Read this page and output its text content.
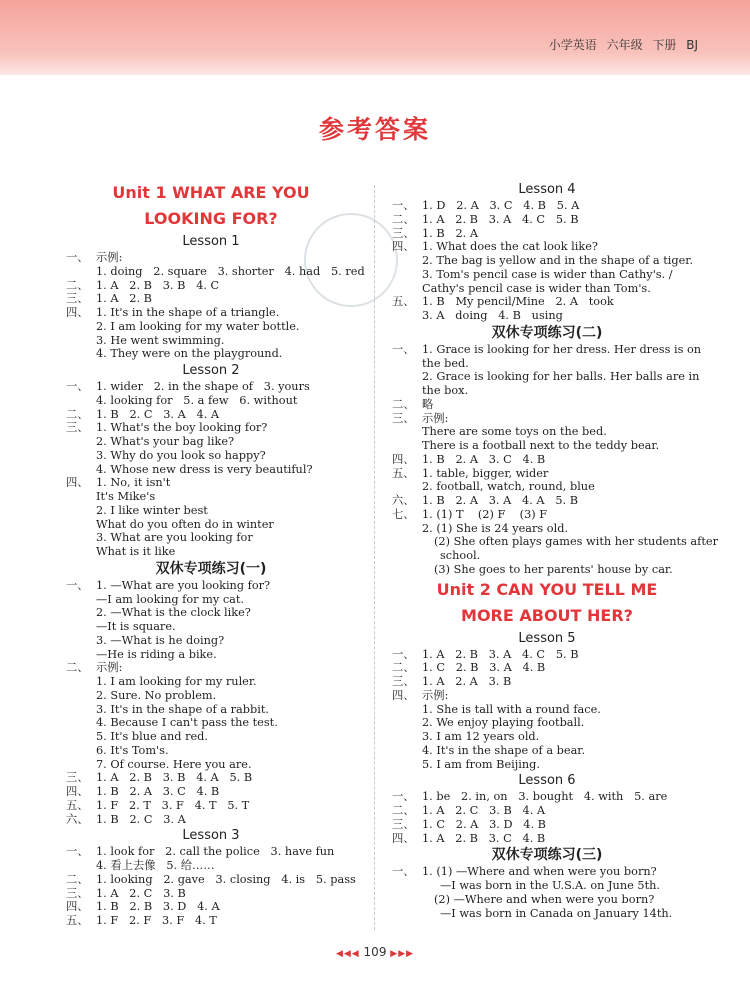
小学英语 六年级 下册 BJ
参考答案
Unit 1 WHAT ARE YOU
LOOKING FOR?
Lesson 1
一、 示例:
1. doing   2. square   3. shorter   4. had   5. red
二、 1. A   2. B   3. B   4. C
三、 1. A   2. B
四、 1. It's in the shape of a triangle.
2. I am looking for my water bottle.
3. He went swimming.
4. They were on the playground.
Lesson 2
一、 1. wider   2. in the shape of   3. yours
4. looking for   5. a few   6. without
二、 1. B   2. C   3. A   4. A
三、 1. What's the boy looking for?
2. What's your bag like?
3. Why do you look so happy?
4. Whose new dress is very beautiful?
四、 1. No, it isn't
It's Mike's
2. I like winter best
What do you often do in winter
3. What are you looking for
What is it like
双休专项练习(一)
一、 1. —What are you looking for?
—I am looking for my cat.
2. —What is the clock like?
—It is square.
3. —What is he doing?
—He is riding a bike.
二、 示例:
1. I am looking for my ruler.
2. Sure. No problem.
3. It's in the shape of a rabbit.
4. Because I can't pass the test.
5. It's blue and red.
6. It's Tom's.
7. Of course. Here you are.
三、 1. A   2. B   3. B   4. A   5. B
四、 1. B   2. A   3. C   4. B
五、 1. F   2. T   3. F   4. T   5. T
六、 1. B   2. C   3. A
Lesson 3
一、 1. look for   2. call the police   3. have fun
4. 看上去像   5. 给……
二、 1. looking   2. gave   3. closing   4. is   5. pass
三、 1. A   2. C   3. B
四、 1. B   2. B   3. D   4. A
五、 1. F   2. F   3. F   4. T
Lesson 4
一、 1. D   2. A   3. C   4. B   5. A
二、 1. A   2. B   3. A   4. C   5. B
三、 1. B   2. A
四、 1. What does the cat look like?
2. The bag is yellow and in the shape of a tiger.
3. Tom's pencil case is wider than Cathy's. /
Cathy's pencil case is wider than Tom's.
五、 1. B   My pencil/Mine   2. A   took
3. A   doing   4. B   using
双休专项练习(二)
一、 1. Grace is looking for her dress. Her dress is on
the bed.
2. Grace is looking for her balls. Her balls are in
the box.
二、 略
三、 示例:
There are some toys on the bed.
There is a football next to the teddy bear.
四、 1. B   2. A   3. C   4. B
五、 1. table, bigger, wider
2. football, watch, round, blue
六、 1. B   2. A   3. A   4. A   5. B
七、 1. (1) T    (2) F    (3) F
2. (1) She is 24 years old.
(2) She often plays games with her students after
school.
(3) She goes to her parents' house by car.
Unit 2 CAN YOU TELL ME
MORE ABOUT HER?
Lesson 5
一、 1. A   2. B   3. A   4. C   5. B
二、 1. C   2. B   3. A   4. B
三、 1. A   2. A   3. B
四、 示例:
1. She is tall with a round face.
2. We enjoy playing football.
3. I am 12 years old.
4. It's in the shape of a bear.
5. I am from Beijing.
Lesson 6
一、 1. be   2. in, on   3. bought   4. with   5. are
二、 1. A   2. C   3. B   4. A
三、 1. C   2. A   3. D   4. B
四、 1. A   2. B   3. C   4. B
双休专项练习(三)
一、 1. (1) —Where and when were you born?
—I was born in the U.S.A. on June 5th.
(2) —Where and when were you born?
—I was born in Canada on January 14th.
◀◀◀ 109 ▶▶▶
